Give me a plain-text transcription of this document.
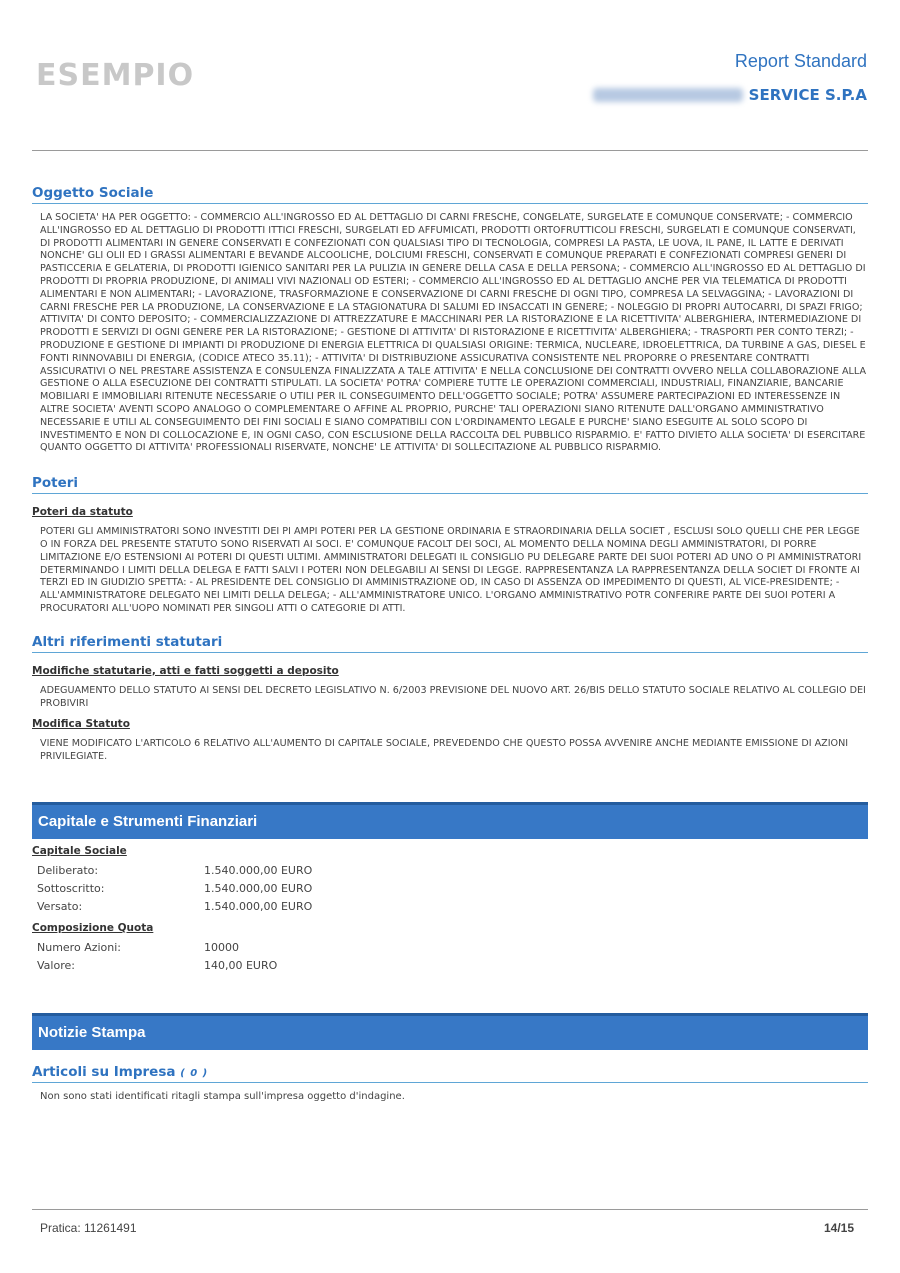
ESEMPIO	Report Standard
SERVICE S.P.A
Oggetto Sociale

LA SOCIETA' HA PER OGGETTO: - COMMERCIO ALL'INGROSSO ED AL DETTAGLIO DI CARNI FRESCHE, CONGELATE, SURGELATE E COMUNQUE CONSERVATE; - COMMERCIO ALL'INGROSSO ED AL DETTAGLIO DI PRODOTTI ITTICI FRESCHI, SURGELATI ED AFFUMICATI, PRODOTTI ORTOFRUTTICOLI FRESCHI, SURGELATI E COMUNQUE CONSERVATI, DI PRODOTTI ALIMENTARI IN GENERE CONSERVATI E CONFEZIONATI CON QUALSIASI TIPO DI TECNOLOGIA, COMPRESI LA PASTA, LE UOVA, IL PANE, IL LATTE E DERIVATI NONCHE' GLI OLII ED I GRASSI ALIMENTARI E BEVANDE ALCOOLICHE, DOLCIUMI FRESCHI, CONSERVATI E COMUNQUE PREPARATI E CONFEZIONATI COMPRESI GENERI DI PASTICCERIA E GELATERIA, DI PRODOTTI IGIENICO SANITARI PER LA PULIZIA IN GENERE DELLA CASA E DELLA PERSONA; - COMMERCIO ALL'INGROSSO ED AL DETTAGLIO DI PRODOTTI DI PROPRIA PRODUZIONE, DI ANIMALI VIVI NAZIONALI OD ESTERI; - COMMERCIO ALL'INGROSSO ED AL DETTAGLIO ANCHE PER VIA TELEMATICA DI PRODOTTI ALIMENTARI E NON ALIMENTARI; - LAVORAZIONE, TRASFORMAZIONE E CONSERVAZIONE DI CARNI FRESCHE DI OGNI TIPO, COMPRESA LA SELVAGGINA; - LAVORAZIONI DI CARNI FRESCHE PER LA PRODUZIONE, LA CONSERVAZIONE E LA STAGIONATURA DI SALUMI ED INSACCATI IN GENERE; - NOLEGGIO DI PROPRI AUTOCARRI, DI SPAZI FRIGO; ATTIVITA' DI CONTO DEPOSITO; - COMMERCIALIZZAZIONE DI ATTREZZATURE E MACCHINARI PER LA RISTORAZIONE E LA RICETTIVITA' ALBERGHIERA, INTERMEDIAZIONE DI PRODOTTI E SERVIZI DI OGNI GENERE PER LA RISTORAZIONE; - GESTIONE DI ATTIVITA' DI RISTORAZIONE E RICETTIVITA' ALBERGHIERA; - TRASPORTI PER CONTO TERZI; - PRODUZIONE E GESTIONE DI IMPIANTI DI PRODUZIONE DI ENERGIA ELETTRICA DI QUALSIASI ORIGINE: TERMICA, NUCLEARE, IDROELETTRICA, DA TURBINE A GAS, DIESEL E FONTI RINNOVABILI DI ENERGIA, (CODICE ATECO 35.11); - ATTIVITA' DI DISTRIBUZIONE ASSICURATIVA CONSISTENTE NEL PROPORRE O PRESENTARE CONTRATTI ASSICURATIVI O NEL PRESTARE ASSISTENZA E CONSULENZA FINALIZZATA A TALE ATTIVITA' E NELLA CONCLUSIONE DEI CONTRATTI OVVERO NELLA COLLABORAZIONE ALLA GESTIONE O ALLA ESECUZIONE DEI CONTRATTI STIPULATI. LA SOCIETA' POTRA' COMPIERE TUTTE LE OPERAZIONI COMMERCIALI, INDUSTRIALI, FINANZIARIE, BANCARIE MOBILIARI E IMMOBILIARI RITENUTE NECESSARIE O UTILI PER IL CONSEGUIMENTO DELL'OGGETTO SOCIALE; POTRA' ASSUMERE PARTECIPAZIONI ED INTERESSENZE IN ALTRE SOCIETA' AVENTI SCOPO ANALOGO O COMPLEMENTARE O AFFINE AL PROPRIO, PURCHE' TALI OPERAZIONI SIANO RITENUTE DALL'ORGANO AMMINISTRATIVO NECESSARIE E UTILI AL CONSEGUIMENTO DEI FINI SOCIALI E SIANO COMPATIBILI CON L'ORDINAMENTO LEGALE E PURCHE' SIANO ESEGUITE AL SOLO SCOPO DI INVESTIMENTO E NON DI COLLOCAZIONE E, IN OGNI CASO, CON ESCLUSIONE DELLA RACCOLTA DEL PUBBLICO RISPARMIO. E' FATTO DIVIETO ALLA SOCIETA' DI ESERCITARE QUANTO OGGETTO DI ATTIVITA' PROFESSIONALI RISERVATE, NONCHE' LE ATTIVITA' DI SOLLECITAZIONE AL PUBBLICO RISPARMIO.

Poteri

Poteri da statuto

POTERI GLI AMMINISTRATORI SONO INVESTITI DEI PI AMPI POTERI PER LA GESTIONE ORDINARIA E STRAORDINARIA DELLA SOCIET , ESCLUSI SOLO QUELLI CHE PER LEGGE O IN FORZA DEL PRESENTE STATUTO SONO RISERVATI AI SOCI. E' COMUNQUE FACOLT DEI SOCI, AL MOMENTO DELLA NOMINA DEGLI AMMINISTRATORI, DI PORRE LIMITAZIONE E/O ESTENSIONI AI POTERI DI QUESTI ULTIMI. AMMINISTRATORI DELEGATI IL CONSIGLIO PU DELEGARE PARTE DEI SUOI POTERI AD UNO O PI AMMINISTRATORI DETERMINANDO I LIMITI DELLA DELEGA E FATTI SALVI I POTERI NON DELEGABILI AI SENSI DI LEGGE. RAPPRESENTANZA LA RAPPRESENTANZA DELLA SOCIET DI FRONTE AI TERZI ED IN GIUDIZIO SPETTA: - AL PRESIDENTE DEL CONSIGLIO DI AMMINISTRAZIONE OD, IN CASO DI ASSENZA OD IMPEDIMENTO DI QUESTI, AL VICE-PRESIDENTE; - ALL'AMMINISTRATORE DELEGATO NEI LIMITI DELLA DELEGA; - ALL'AMMINISTRATORE UNICO. L'ORGANO AMMINISTRATIVO POTR CONFERIRE PARTE DEI SUOI POTERI A PROCURATORI ALL'UOPO NOMINATI PER SINGOLI ATTI O CATEGORIE DI ATTI.

Altri riferimenti statutari

Modifiche statutarie, atti e fatti soggetti a deposito

ADEGUAMENTO DELLO STATUTO AI SENSI DEL DECRETO LEGISLATIVO N. 6/2003 PREVISIONE DEL NUOVO ART. 26/BIS DELLO STATUTO SOCIALE RELATIVO AL COLLEGIO DEI PROBIVIRI

Modifica Statuto

VIENE MODIFICATO L'ARTICOLO 6 RELATIVO ALL'AUMENTO DI CAPITALE SOCIALE, PREVEDENDO CHE QUESTO POSSA AVVENIRE ANCHE MEDIANTE EMISSIONE DI AZIONI PRIVILEGIATE.

Capitale e Strumenti Finanziari

Capitale Sociale

Deliberato:	1.540.000,00 EURO
Sottoscritto:	1.540.000,00 EURO
Versato:	1.540.000,00 EURO

Composizione Quota

Numero Azioni:	10000
Valore:	140,00 EURO
Notizie Stampa
Articoli su Impresa ( 0 )

Non sono stati identificati ritagli stampa sull'impresa oggetto d'indagine.

Pratica: 11261491	14/15
